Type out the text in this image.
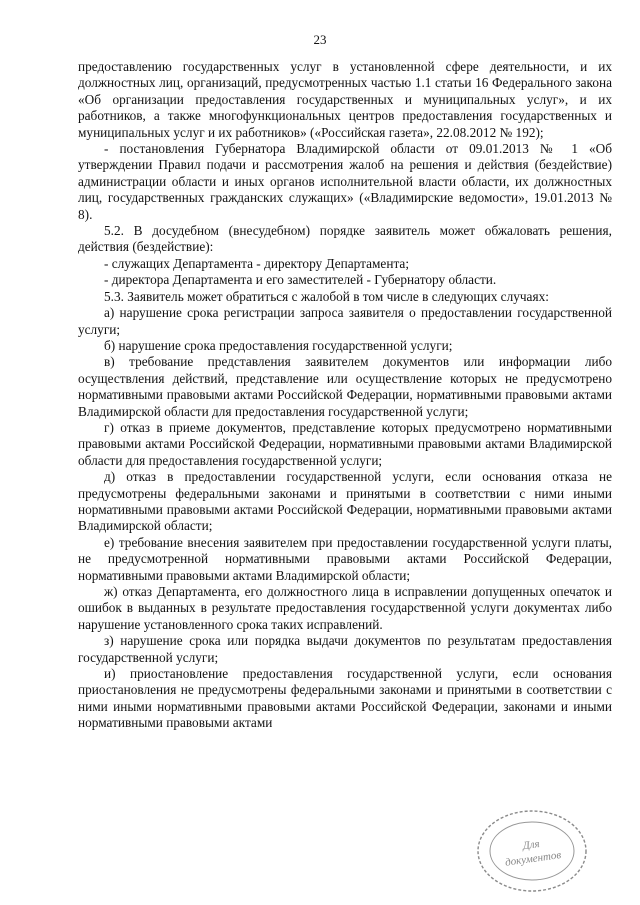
23

предоставлению государственных услуг в установленной сфере деятельности, и их должностных лиц, организаций, предусмотренных частью 1.1 статьи 16 Федерального закона «Об организации предоставления государственных и муниципальных услуг», и их работников, а также многофункциональных центров предоставления государственных и муниципальных услуг и их работников» («Российская газета», 22.08.2012 № 192);

- постановления Губернатора Владимирской области от 09.01.2013 № 1 «Об утверждении Правил подачи и рассмотрения жалоб на решения и действия (бездействие) администрации области и иных органов исполнительной власти области, их должностных лиц, государственных гражданских служащих» («Владимирские ведомости», 19.01.2013 № 8).

5.2. В досудебном (внесудебном) порядке заявитель может обжаловать решения, действия (бездействие):

- служащих Департамента - директору Департамента;

- директора Департамента и его заместителей - Губернатору области.

5.3. Заявитель может обратиться с жалобой в том числе в следующих случаях:

а) нарушение срока регистрации запроса заявителя о предоставлении государственной услуги;

б) нарушение срока предоставления государственной услуги;

в) требование представления заявителем документов или информации либо осуществления действий, представление или осуществление которых не предусмотрено нормативными правовыми актами Российской Федерации, нормативными правовыми актами Владимирской области для предоставления государственной услуги;

г) отказ в приеме документов, представление которых предусмотрено нормативными правовыми актами Российской Федерации, нормативными правовыми актами Владимирской области для предоставления государственной услуги;

д) отказ в предоставлении государственной услуги, если основания отказа не предусмотрены федеральными законами и принятыми в соответствии с ними иными нормативными правовыми актами Российской Федерации, нормативными правовыми актами Владимирской области;

е) требование внесения заявителем при предоставлении государственной услуги платы, не предусмотренной нормативными правовыми актами Российской Федерации, нормативными правовыми актами Владимирской области;

ж) отказ Департамента, его должностного лица в исправлении допущенных опечаток и ошибок в выданных в результате предоставления государственной услуги документах либо нарушение установленного срока таких исправлений.

з) нарушение срока или порядка выдачи документов по результатам предоставления государственной услуги;

и) приостановление предоставления государственной услуги, если основания приостановления не предусмотрены федеральными законами и принятыми в соответствии с ними иными нормативными правовыми актами Российской Федерации, законами и иными нормативными правовыми актами

Для
документов
